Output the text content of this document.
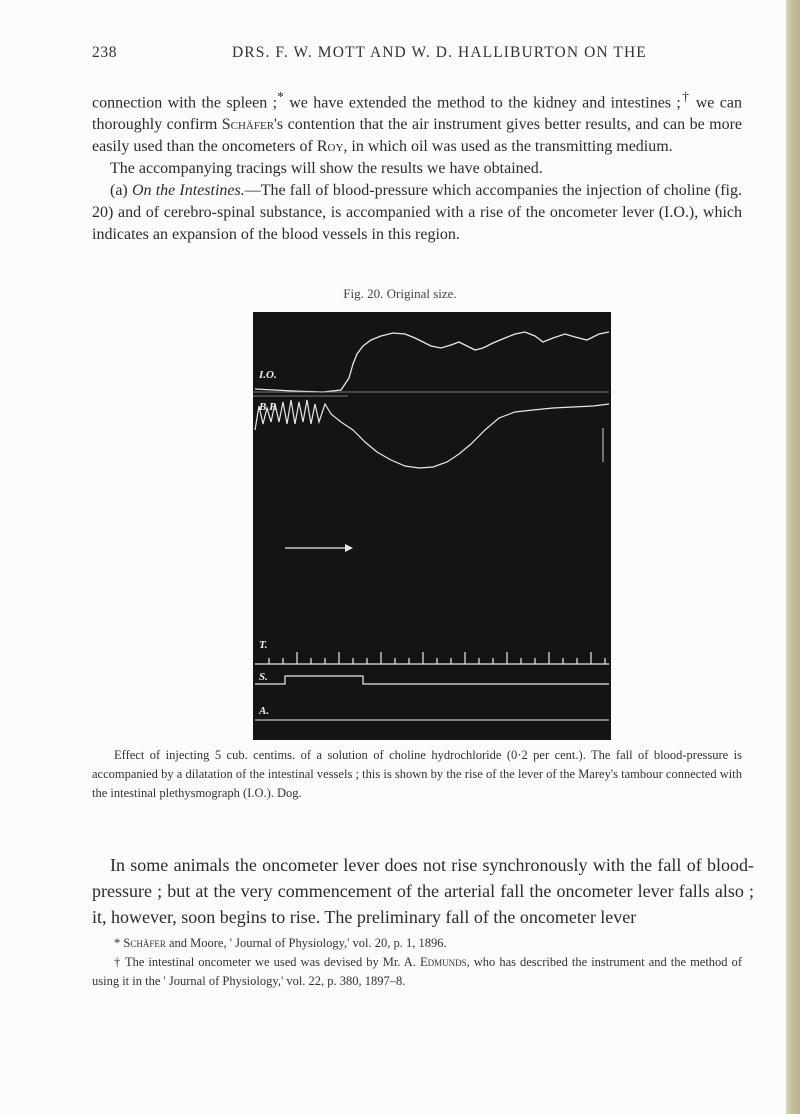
238	DRS. F. W. MOTT AND W. D. HALLIBURTON ON THE

connection with the spleen ;* we have extended the method to the kidney and intestines ;† we can thoroughly confirm Schäfer's contention that the air instrument gives better results, and can be more easily used than the oncometers of Roy, in which oil was used as the transmitting medium.

The accompanying tracings will show the results we have obtained.

(a) On the Intestines.—The fall of blood-pressure which accompanies the injection of choline (fig. 20) and of cerebro-spinal substance, is accompanied with a rise of the oncometer lever (I.O.), which indicates an expansion of the blood vessels in this region.

Fig. 20. Original size.
I.O.
B.P.
T.
S.
A.
Effect of injecting 5 cub. centims. of a solution of choline hydrochloride (0·2 per cent.). The fall of blood-pressure is accompanied by a dilatation of the intestinal vessels ; this is shown by the rise of the lever of the Marey's tambour connected with the intestinal plethysmograph (I.O.). Dog.

In some animals the oncometer lever does not rise synchronously with the fall of blood-pressure ; but at the very commencement of the arterial fall the oncometer lever falls also ; it, however, soon begins to rise. The preliminary fall of the oncometer lever

* Schäfer and Moore, ' Journal of Physiology,' vol. 20, p. 1, 1896.

† The intestinal oncometer we used was devised by Mr. A. Edmunds, who has described the instrument and the method of using it in the ' Journal of Physiology,' vol. 22, p. 380, 1897–8.
